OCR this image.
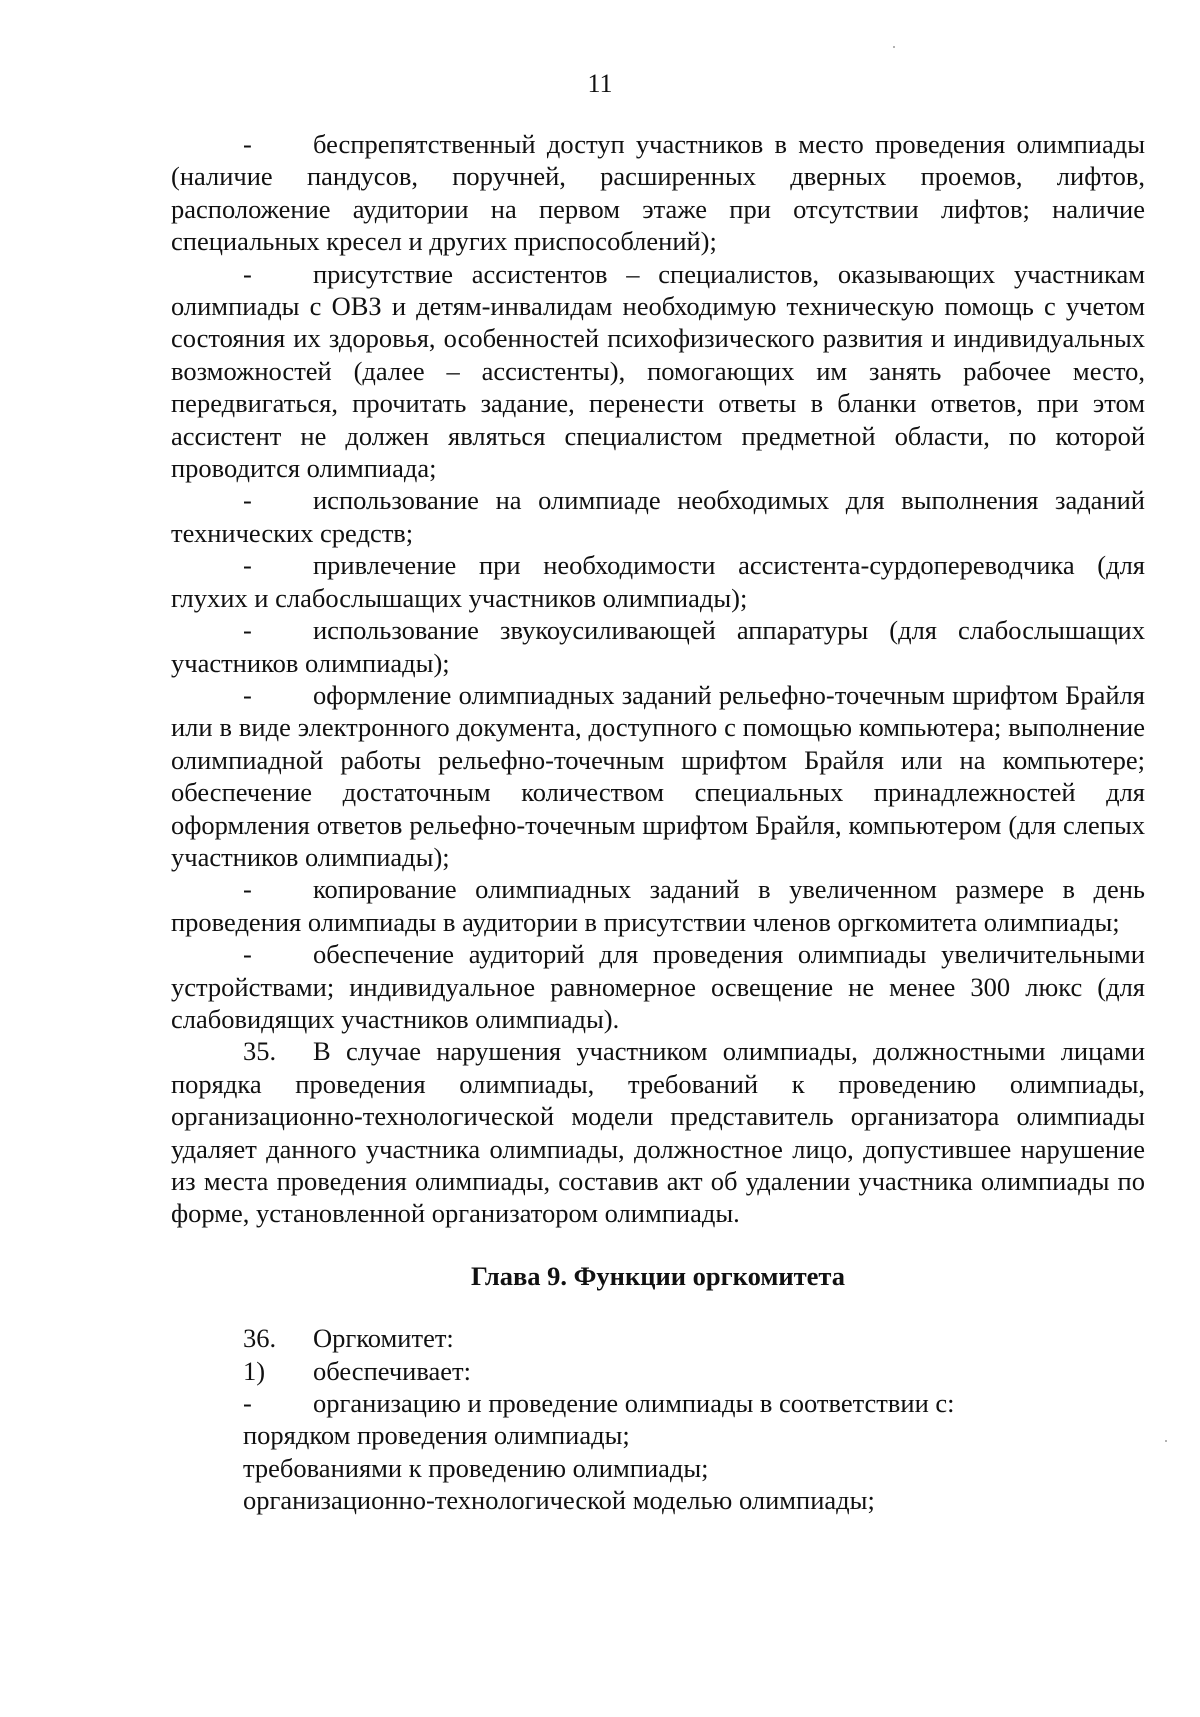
11

- беспрепятственный доступ участников в место проведения олимпиады (наличие пандусов, поручней, расширенных дверных проемов, лифтов, расположение аудитории на первом этаже при отсутствии лифтов; наличие специальных кресел и других приспособлений);

- присутствие ассистентов – специалистов, оказывающих участникам олимпиады с ОВЗ и детям-инвалидам необходимую техническую помощь с учетом состояния их здоровья, особенностей психофизического развития и индивидуальных возможностей (далее – ассистенты), помогающих им занять рабочее место, передвигаться, прочитать задание, перенести ответы в бланки ответов, при этом ассистент не должен являться специалистом предметной области, по которой проводится олимпиада;

- использование на олимпиаде необходимых для выполнения заданий технических средств;

- привлечение при необходимости ассистента-сурдопереводчика (для глухих и слабослышащих участников олимпиады);

- использование звукоусиливающей аппаратуры (для слабослышащих участников олимпиады);

- оформление олимпиадных заданий рельефно-точечным шрифтом Брайля или в виде электронного документа, доступного с помощью компьютера; выполнение олимпиадной работы рельефно-точечным шрифтом Брайля или на компьютере; обеспечение достаточным количеством специальных принадлежностей для оформления ответов рельефно-точечным шрифтом Брайля, компьютером (для слепых участников олимпиады);

- копирование олимпиадных заданий в увеличенном размере в день проведения олимпиады в аудитории в присутствии членов оргкомитета олимпиады;

- обеспечение аудиторий для проведения олимпиады увеличительными устройствами; индивидуальное равномерное освещение не менее 300 люкс (для слабовидящих участников олимпиады).

35. В случае нарушения участником олимпиады, должностными лицами порядка проведения олимпиады, требований к проведению олимпиады, организационно-технологической модели представитель организатора олимпиады удаляет данного участника олимпиады, должностное лицо, допустившее нарушение из места проведения олимпиады, составив акт об удалении участника олимпиады по форме, установленной организатором олимпиады.

Глава 9. Функции оргкомитета

36. Оргкомитет:

1) обеспечивает:

- организацию и проведение олимпиады в соответствии с:

порядком проведения олимпиады;

требованиями к проведению олимпиады;

организационно-технологической моделью олимпиады;
